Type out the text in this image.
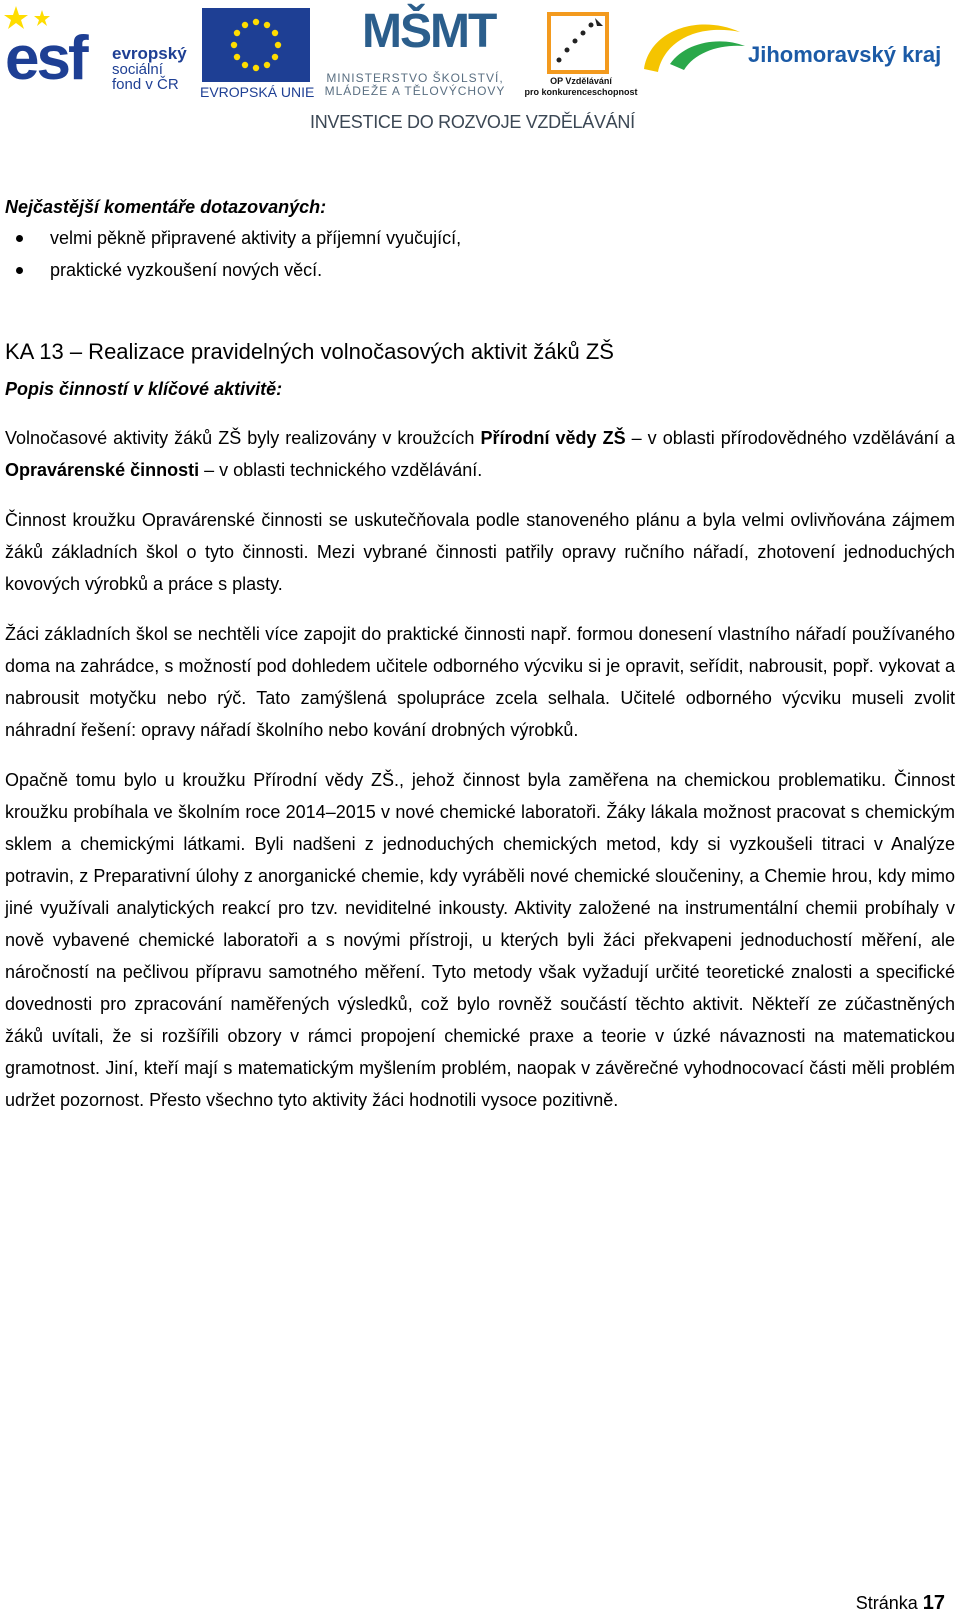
esf evropský
sociální
fond v ČR	EVROPSKÁ UNIE
MŠMT
MINISTERSTVO ŠKOLSTVÍ,
MLÁDEŽE A TĚLOVÝCHOVY
OP Vzdělávání
pro konkurenceschopnost
Jihomoravský kraj
INVESTICE DO ROZVOJE VZDĚLÁVÁNÍ

Nejčastější komentáře dotazovaných:

velmi pěkně připravené aktivity a příjemní vyučující,
praktické vyzkoušení nových věcí.
KA 13 – Realizace pravidelných volnočasových aktivit žáků ZŠ
Popis činností v klíčové aktivitě:

Volnočasové aktivity žáků ZŠ byly realizovány v kroužcích Přírodní vědy ZŠ – v oblasti přírodovědného vzdělávání a Opravárenské činnosti – v oblasti technického vzdělávání.

Činnost kroužku Opravárenské činnosti se uskutečňovala podle stanoveného plánu a byla velmi ovlivňována zájmem žáků základních škol o tyto činnosti. Mezi vybrané činnosti patřily opravy ručního nářadí, zhotovení jednoduchých kovových výrobků a práce s plasty.

Žáci základních škol se nechtěli více zapojit do praktické činnosti např. formou donesení vlastního nářadí používaného doma na zahrádce, s možností pod dohledem učitele odborného výcviku si je opravit, seřídit, nabrousit, popř. vykovat a nabrousit motyčku nebo rýč. Tato zamýšlená spolupráce zcela selhala. Učitelé odborného výcviku museli zvolit náhradní řešení: opravy nářadí školního nebo kování drobných výrobků.

Opačně tomu bylo u kroužku Přírodní vědy ZŠ., jehož činnost byla zaměřena na chemickou problematiku. Činnost kroužku probíhala ve školním roce 2014–2015 v nové chemické laboratoři. Žáky lákala možnost pracovat s chemickým sklem a chemickými látkami. Byli nadšeni z jednoduchých chemických metod, kdy si vyzkoušeli titraci v Analýze potravin, z Preparativní úlohy z anorganické chemie, kdy vyráběli nové chemické sloučeniny, a Chemie hrou, kdy mimo jiné využívali analytických reakcí pro tzv. neviditelné inkousty. Aktivity založené na instrumentální chemii probíhaly v nově vybavené chemické laboratoři a s novými přístroji, u kterých byli žáci překvapeni jednoduchostí měření, ale náročností na pečlivou přípravu samotného měření. Tyto metody však vyžadují určité teoretické znalosti a specifické dovednosti pro zpracování naměřených výsledků, což bylo rovněž součástí těchto aktivit. Někteří ze zúčastněných žáků uvítali, že si rozšířili obzory v rámci propojení chemické praxe a teorie v úzké návaznosti na matematickou gramotnost. Jiní, kteří mají s matematickým myšlením problém, naopak v závěrečné vyhodnocovací části měli problém udržet pozornost. Přesto všechno tyto aktivity žáci hodnotili vysoce pozitivně.

Stránka 17
